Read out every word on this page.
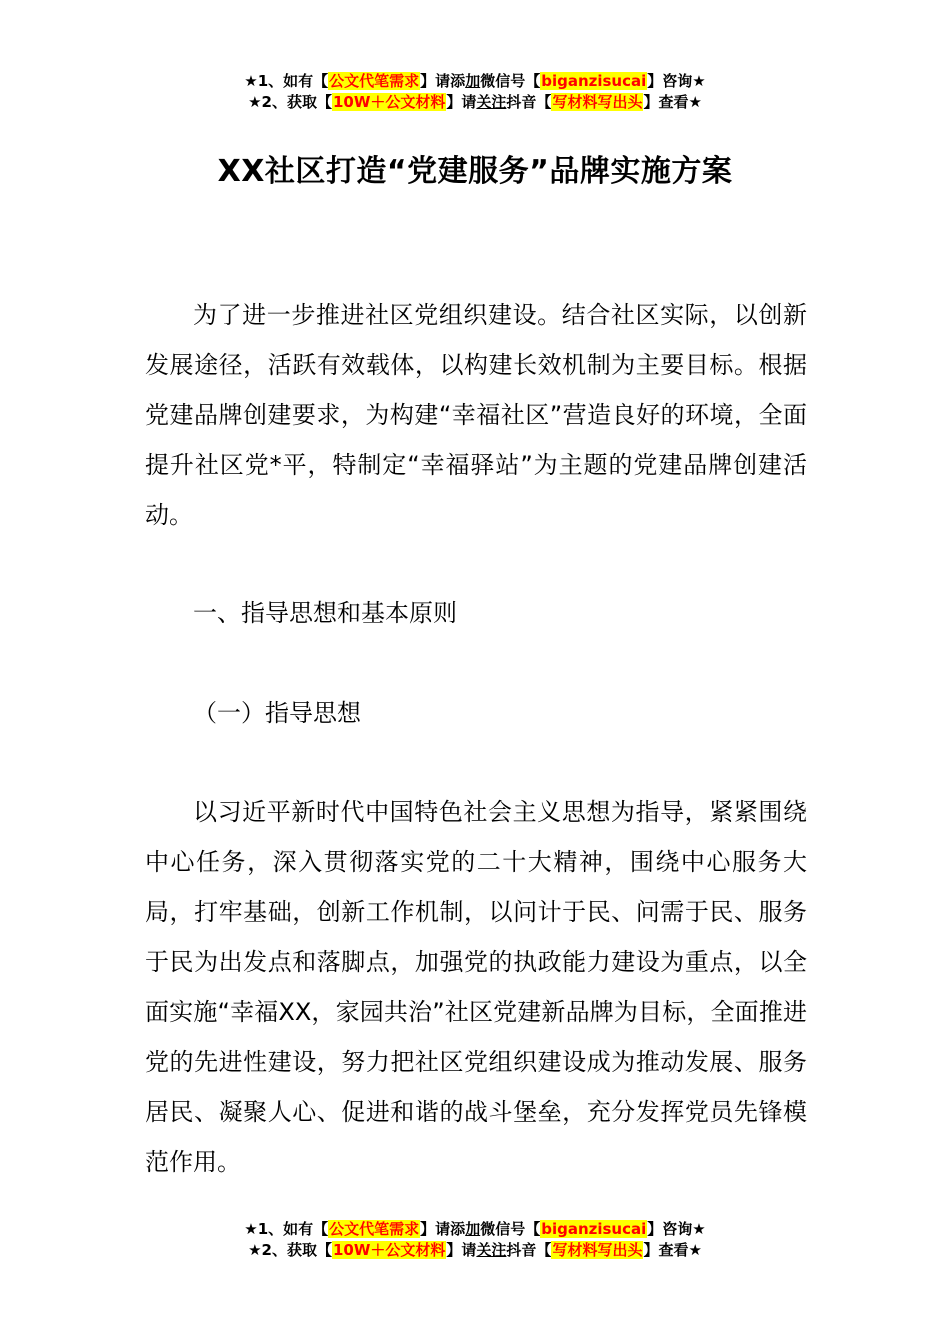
★1、如有【公文代笔需求】请添加微信号【biganzisucai】咨询★
★2、获取【10W＋公文材料】请关注抖音【写材料写出头】查看★
XX社区打造“党建服务”品牌实施方案

为了进一步推进社区党组织建设。结合社区实际，以创新发展途径，活跃有效载体，以构建长效机制为主要目标。根据党建品牌创建要求，为构建“幸福社区”营造良好的环境，全面提升社区党*平，特制定“幸福驿站”为主题的党建品牌创建活动。

一、指导思想和基本原则

（一）指导思想

以习近平新时代中国特色社会主义思想为指导，紧紧围绕中心任务，深入贯彻落实党的二十大精神，围绕中心服务大局，打牢基础，创新工作机制，以问计于民、问需于民、服务于民为出发点和落脚点，加强党的执政能力建设为重点，以全面实施“幸福XX，家园共治”社区党建新品牌为目标，全面推进党的先进性建设，努力把社区党组织建设成为推动发展、服务居民、凝聚人心、促进和谐的战斗堡垒，充分发挥党员先锋模范作用。

★1、如有【公文代笔需求】请添加微信号【biganzisucai】咨询★
★2、获取【10W＋公文材料】请关注抖音【写材料写出头】查看★
